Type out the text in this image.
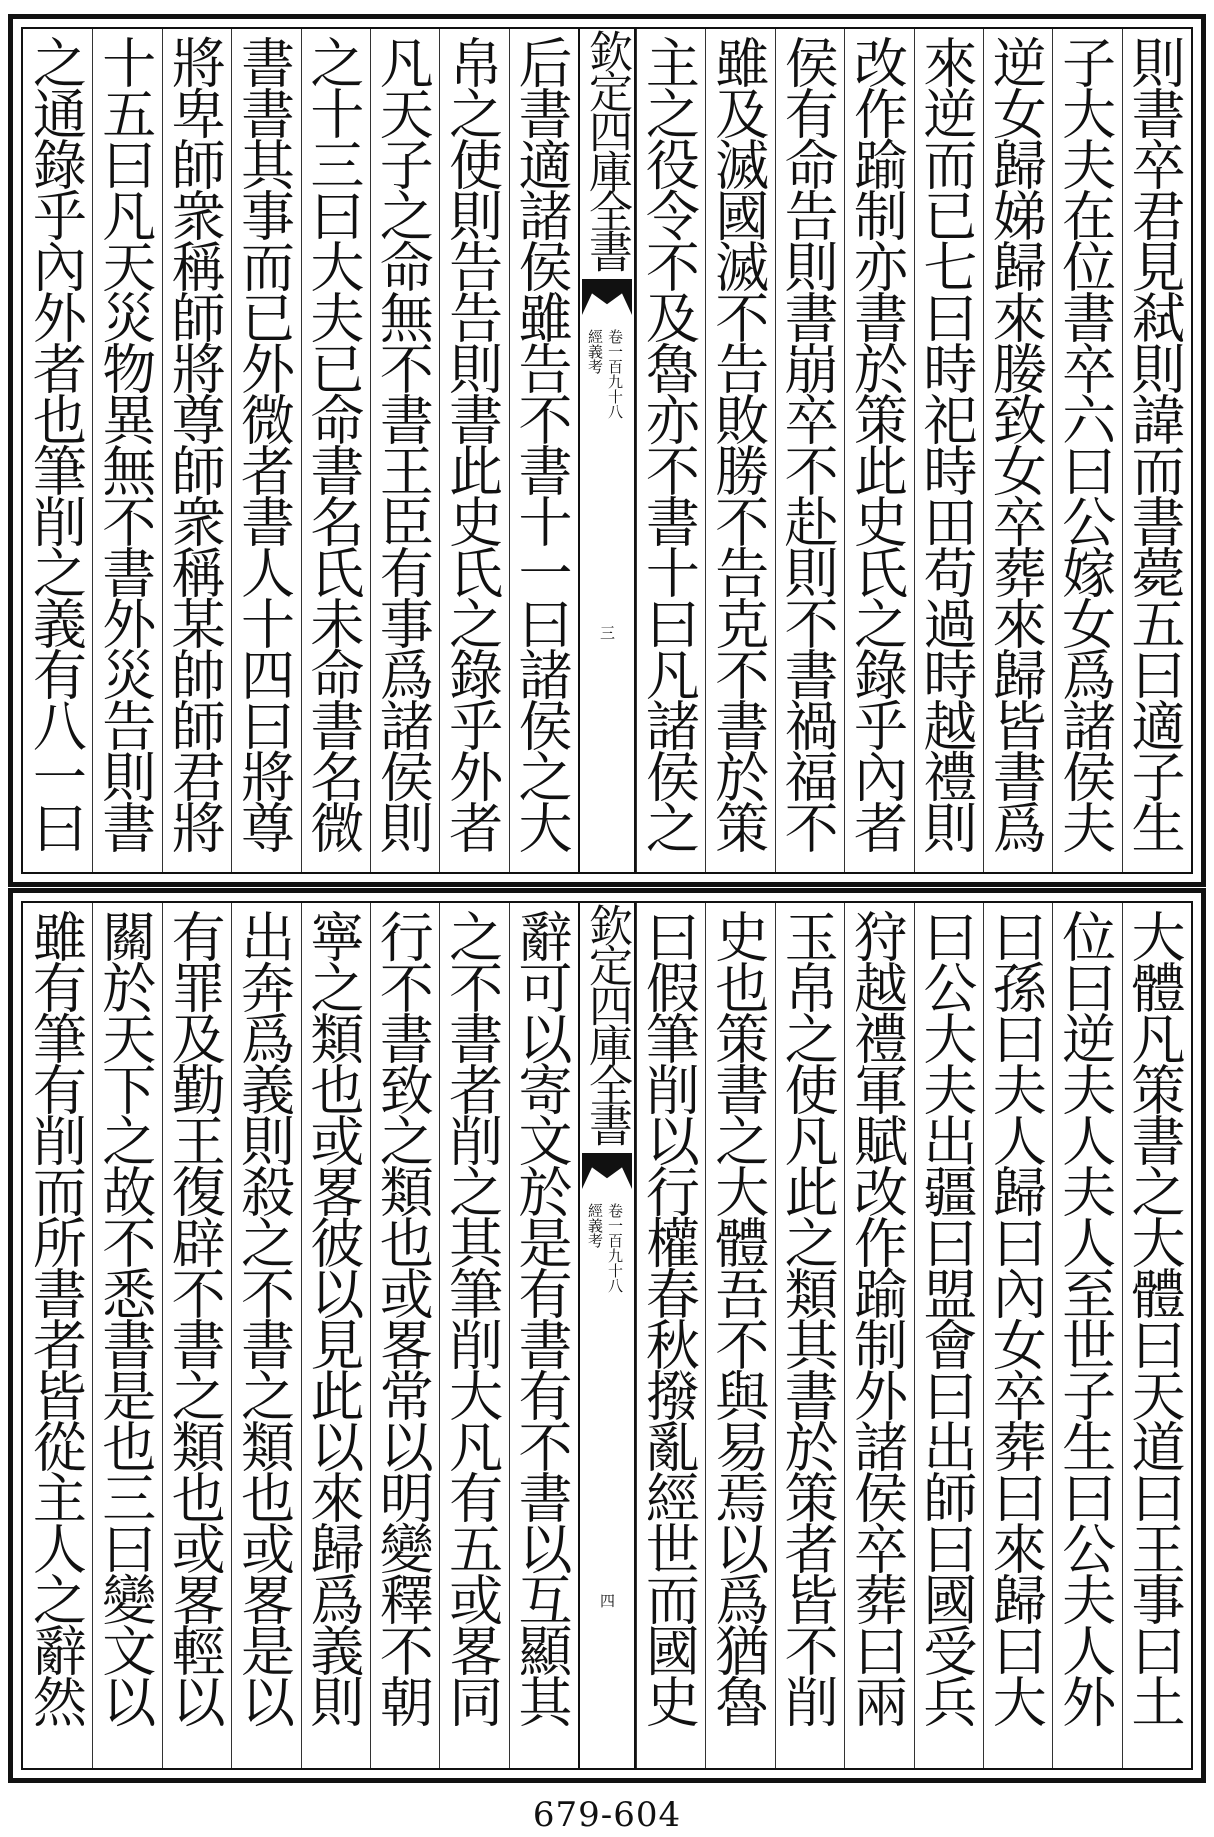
則書卒君見弒則諱而書薨五曰適子生
子大夫在位書卒六曰公嫁女爲諸侯夫
逆女歸娣歸來媵致女卒葬來歸皆書爲
來逆而已七曰時祀時田苟過時越禮則
改作踰制亦書於策此史氏之錄乎內者
侯有命告則書崩卒不赴則不書禍福不
雖及滅國滅不告敗勝不告克不書於策
主之役令不及魯亦不書十曰凡諸侯之
欽定四庫全書
經義考 卷一百九十八
三
后書適諸侯雖告不書十一曰諸侯之大
帛之使則告告則書此史氏之錄乎外者
凡天子之命無不書王臣有事爲諸侯則
之十三曰大夫已命書名氏未命書名微
書書其事而已外微者書人十四曰將尊
將卑師衆稱師將尊師衆稱某帥師君將
十五曰凡天災物異無不書外災告則書
之通錄乎內外者也筆削之義有八一曰
大體凡策書之大體曰天道曰王事曰土
位曰逆夫人夫人至世子生曰公夫人外
曰孫曰夫人歸曰內女卒葬曰來歸曰大
曰公大夫出疆曰盟會曰出師曰國受兵
狩越禮軍賦改作踰制外諸侯卒葬曰兩
玉帛之使凡此之類其書於策者皆不削
史也策書之大體吾不與易焉以爲猶魯
曰假筆削以行權春秋撥亂經世而國史
欽定四庫全書
經義考 卷一百九十八
四
辭可以寄文於是有書有不書以互顯其
之不書者削之其筆削大凡有五或畧同
行不書致之類也或畧常以明變釋不朝
寧之類也或畧彼以見此以來歸爲義則
出奔爲義則殺之不書之類也或畧是以
有罪及勤王復辟不書之類也或畧輕以
關於天下之故不悉書是也三曰變文以
雖有筆有削而所書者皆從主人之辭然
679-604
